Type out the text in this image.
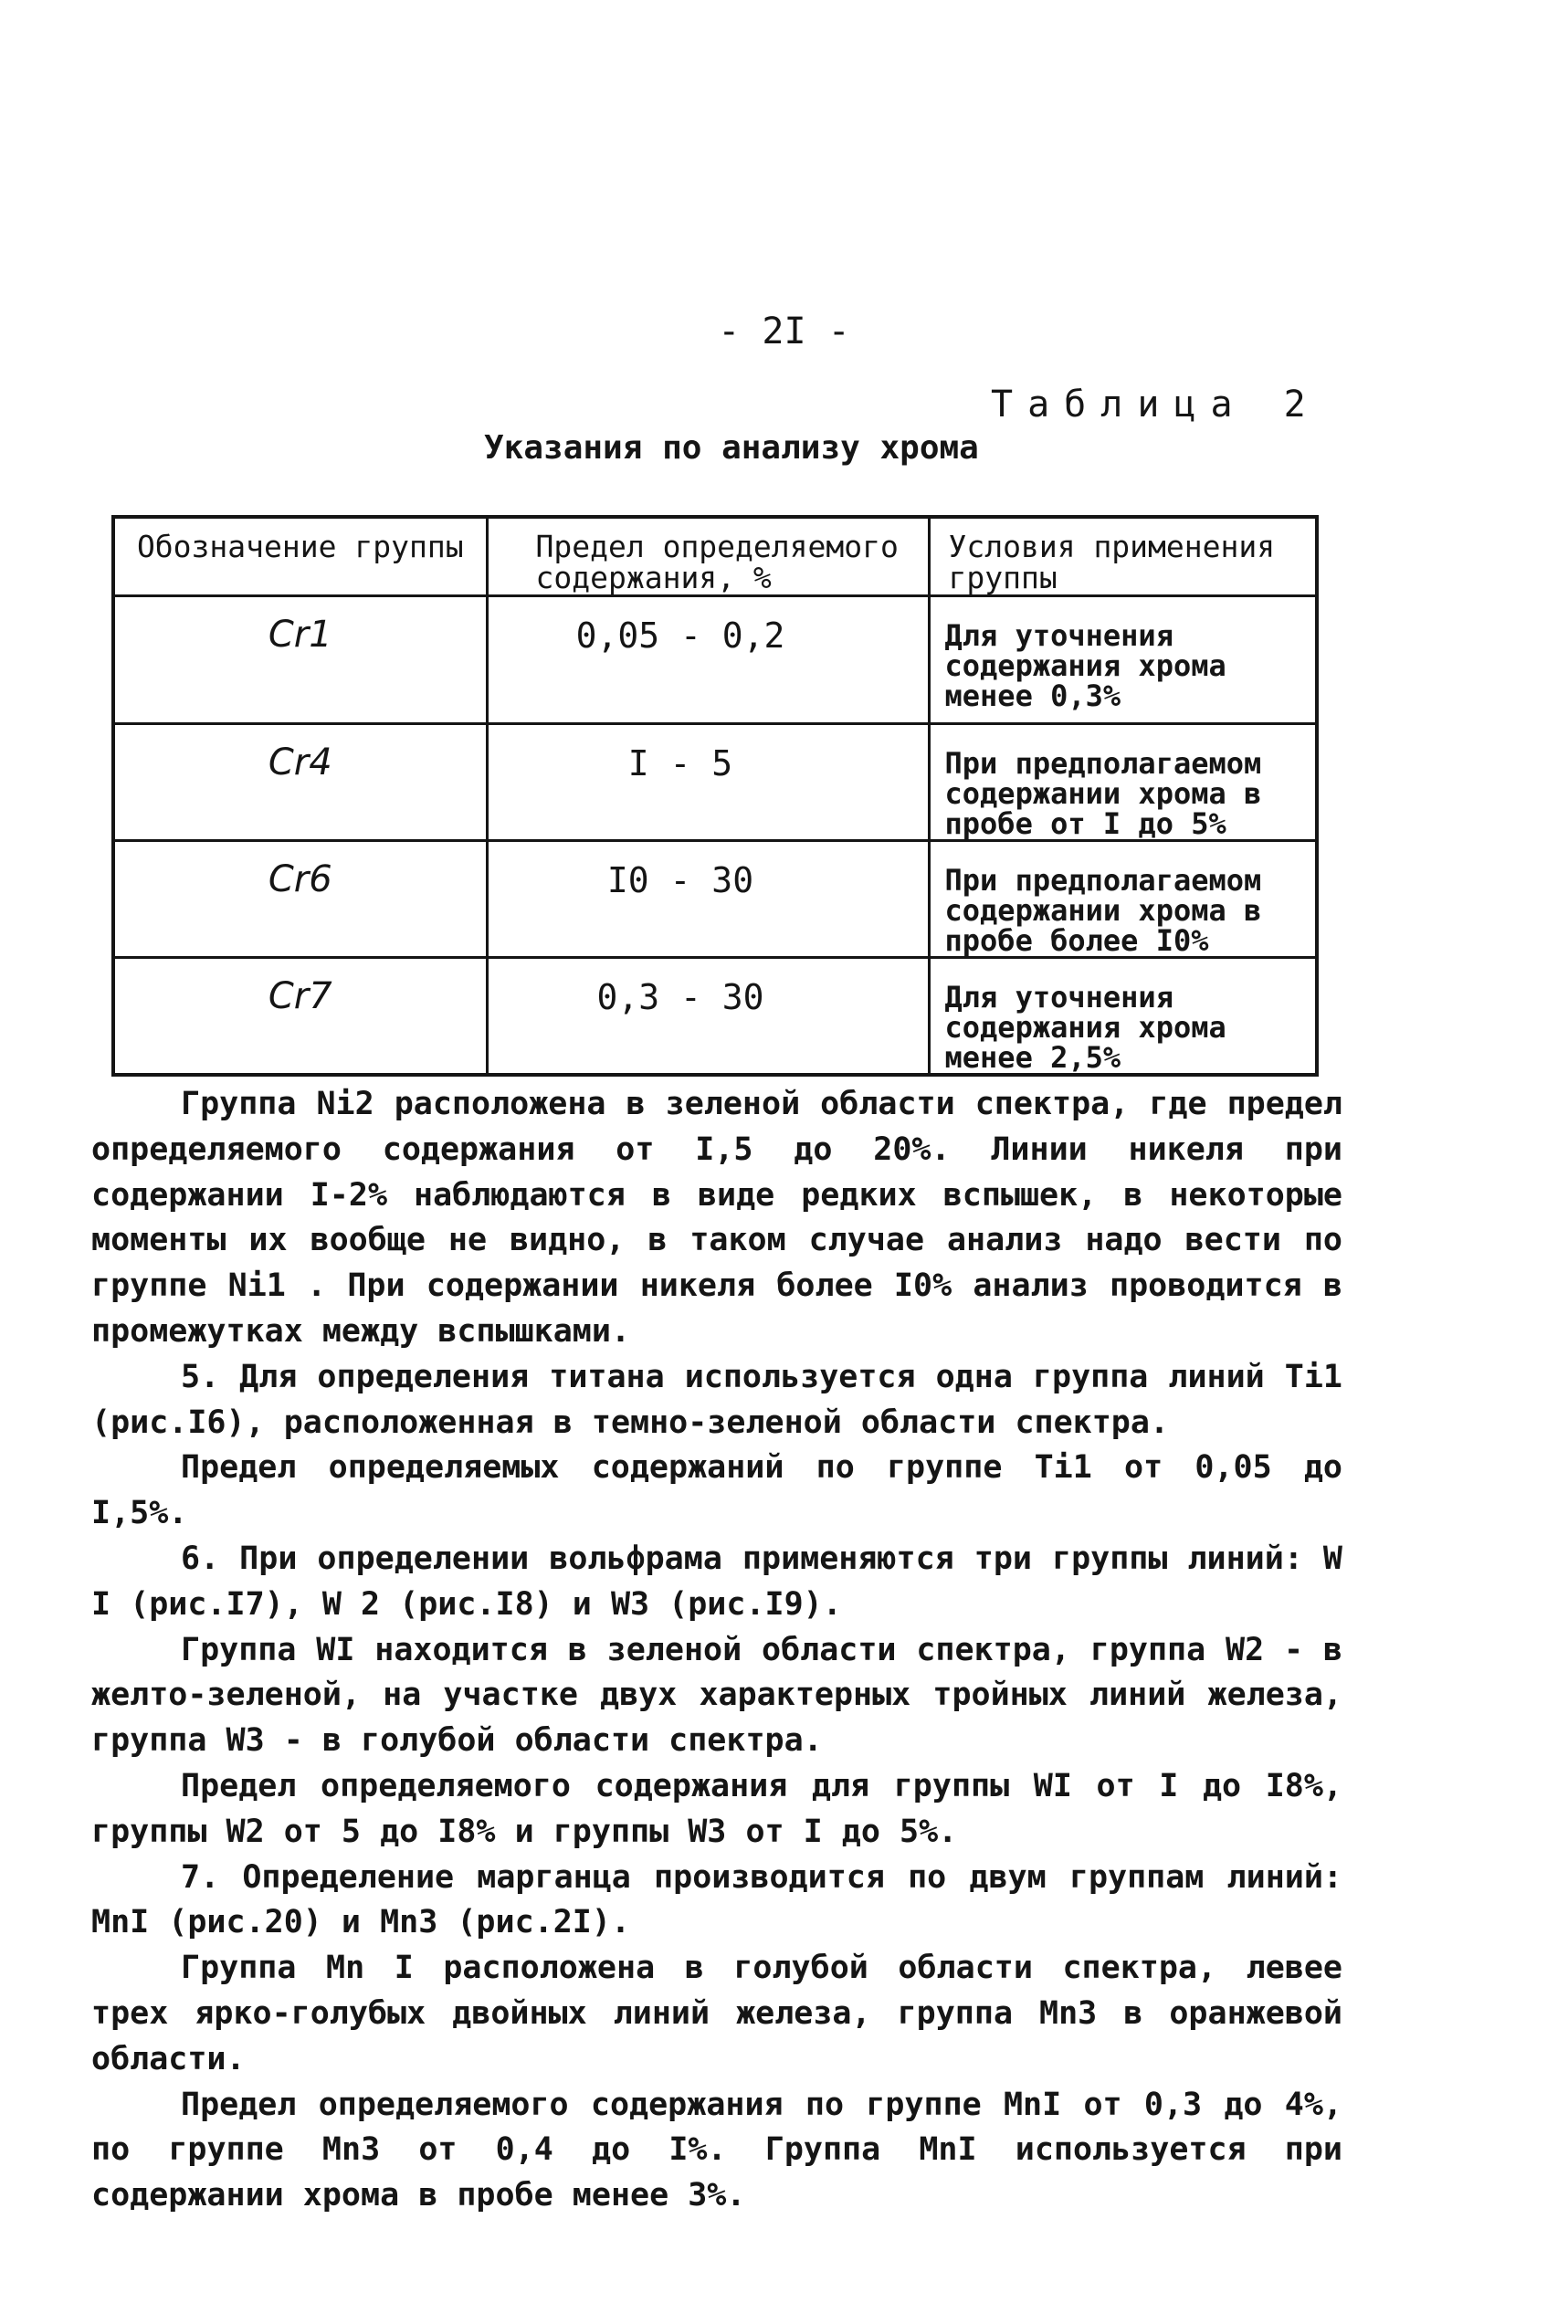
- 2I -
Таблица 2
Указания по анализу хрома
Обозначение группы	Предел определяемого содержания, %	Условия применения группы
Cr1	0,05 - 0,2	Для уточнения содержания хрома менее 0,3%
Cr4	I - 5	При предполагаемом содержании хрома в пробе от I до 5%
Cr6	I0 - 30	При предполагаемом содержании хрома в пробе более I0%
Cr7	0,3 - 30	Для уточнения содержания хрома менее 2,5%

Группа Ni2 расположена в зеленой области спектра, где предел определяемого содержания от I,5 до 20%. Линии никеля при содержании I-2% наблюдаются в виде редких вспышек, в некоторые моменты их вообще не видно, в таком случае анализ надо вести по группе Ni1 . При содержании никеля более I0% анализ проводится в промежутках между вспышками.

5. Для определения титана используется одна группа линий Ti1 (рис.I6), расположенная в темно-зеленой области спектра.

Предел определяемых содержаний по группе Ti1 от 0,05 до I,5%.

6. При определении вольфрама применяются три группы линий: W I (рис.I7), W 2 (рис.I8) и W3 (рис.I9).

Группа WI находится в зеленой области спектра, группа W2 - в желто-зеленой, на участке двух характерных тройных линий железа, группа W3 - в голубой области спектра.

Предел определяемого содержания для группы WI от I до I8%, группы W2 от 5 до I8% и группы W3 от I до 5%.

7. Определение марганца производится по двум группам линий: MnI (рис.20) и Mn3 (рис.2I).

Группа Mn I расположена в голубой области спектра, левее трех ярко-голубых двойных линий железа, группа Mn3 в оранжевой области.

Предел определяемого содержания по группе MnI от 0,3 до 4%, по группе Mn3 от 0,4 до I%. Группа MnI используется при содержании хрома в пробе менее 3%.
